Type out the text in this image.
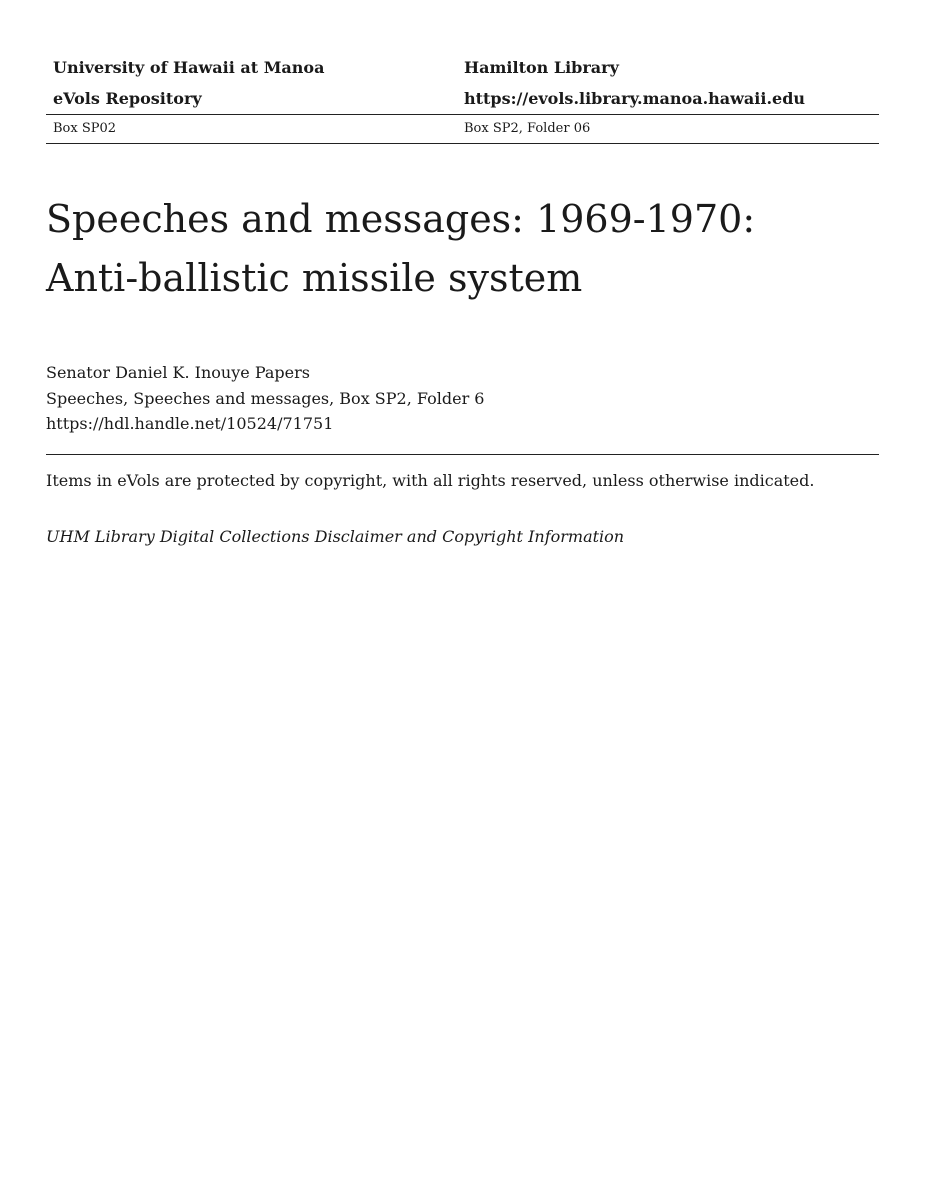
University of Hawaii at Manoa	Hamilton Library
eVols Repository	https://evols.library.manoa.hawaii.edu
Box SP02	Box SP2, Folder 06
Speeches and messages: 1969-1970:
Anti-ballistic missile system
Senator Daniel K. Inouye Papers
Speeches, Speeches and messages, Box SP2, Folder 6
https://hdl.handle.net/10524/71751
Items in eVols are protected by copyright, with all rights reserved, unless otherwise indicated.
UHM Library Digital Collections Disclaimer and Copyright Information
